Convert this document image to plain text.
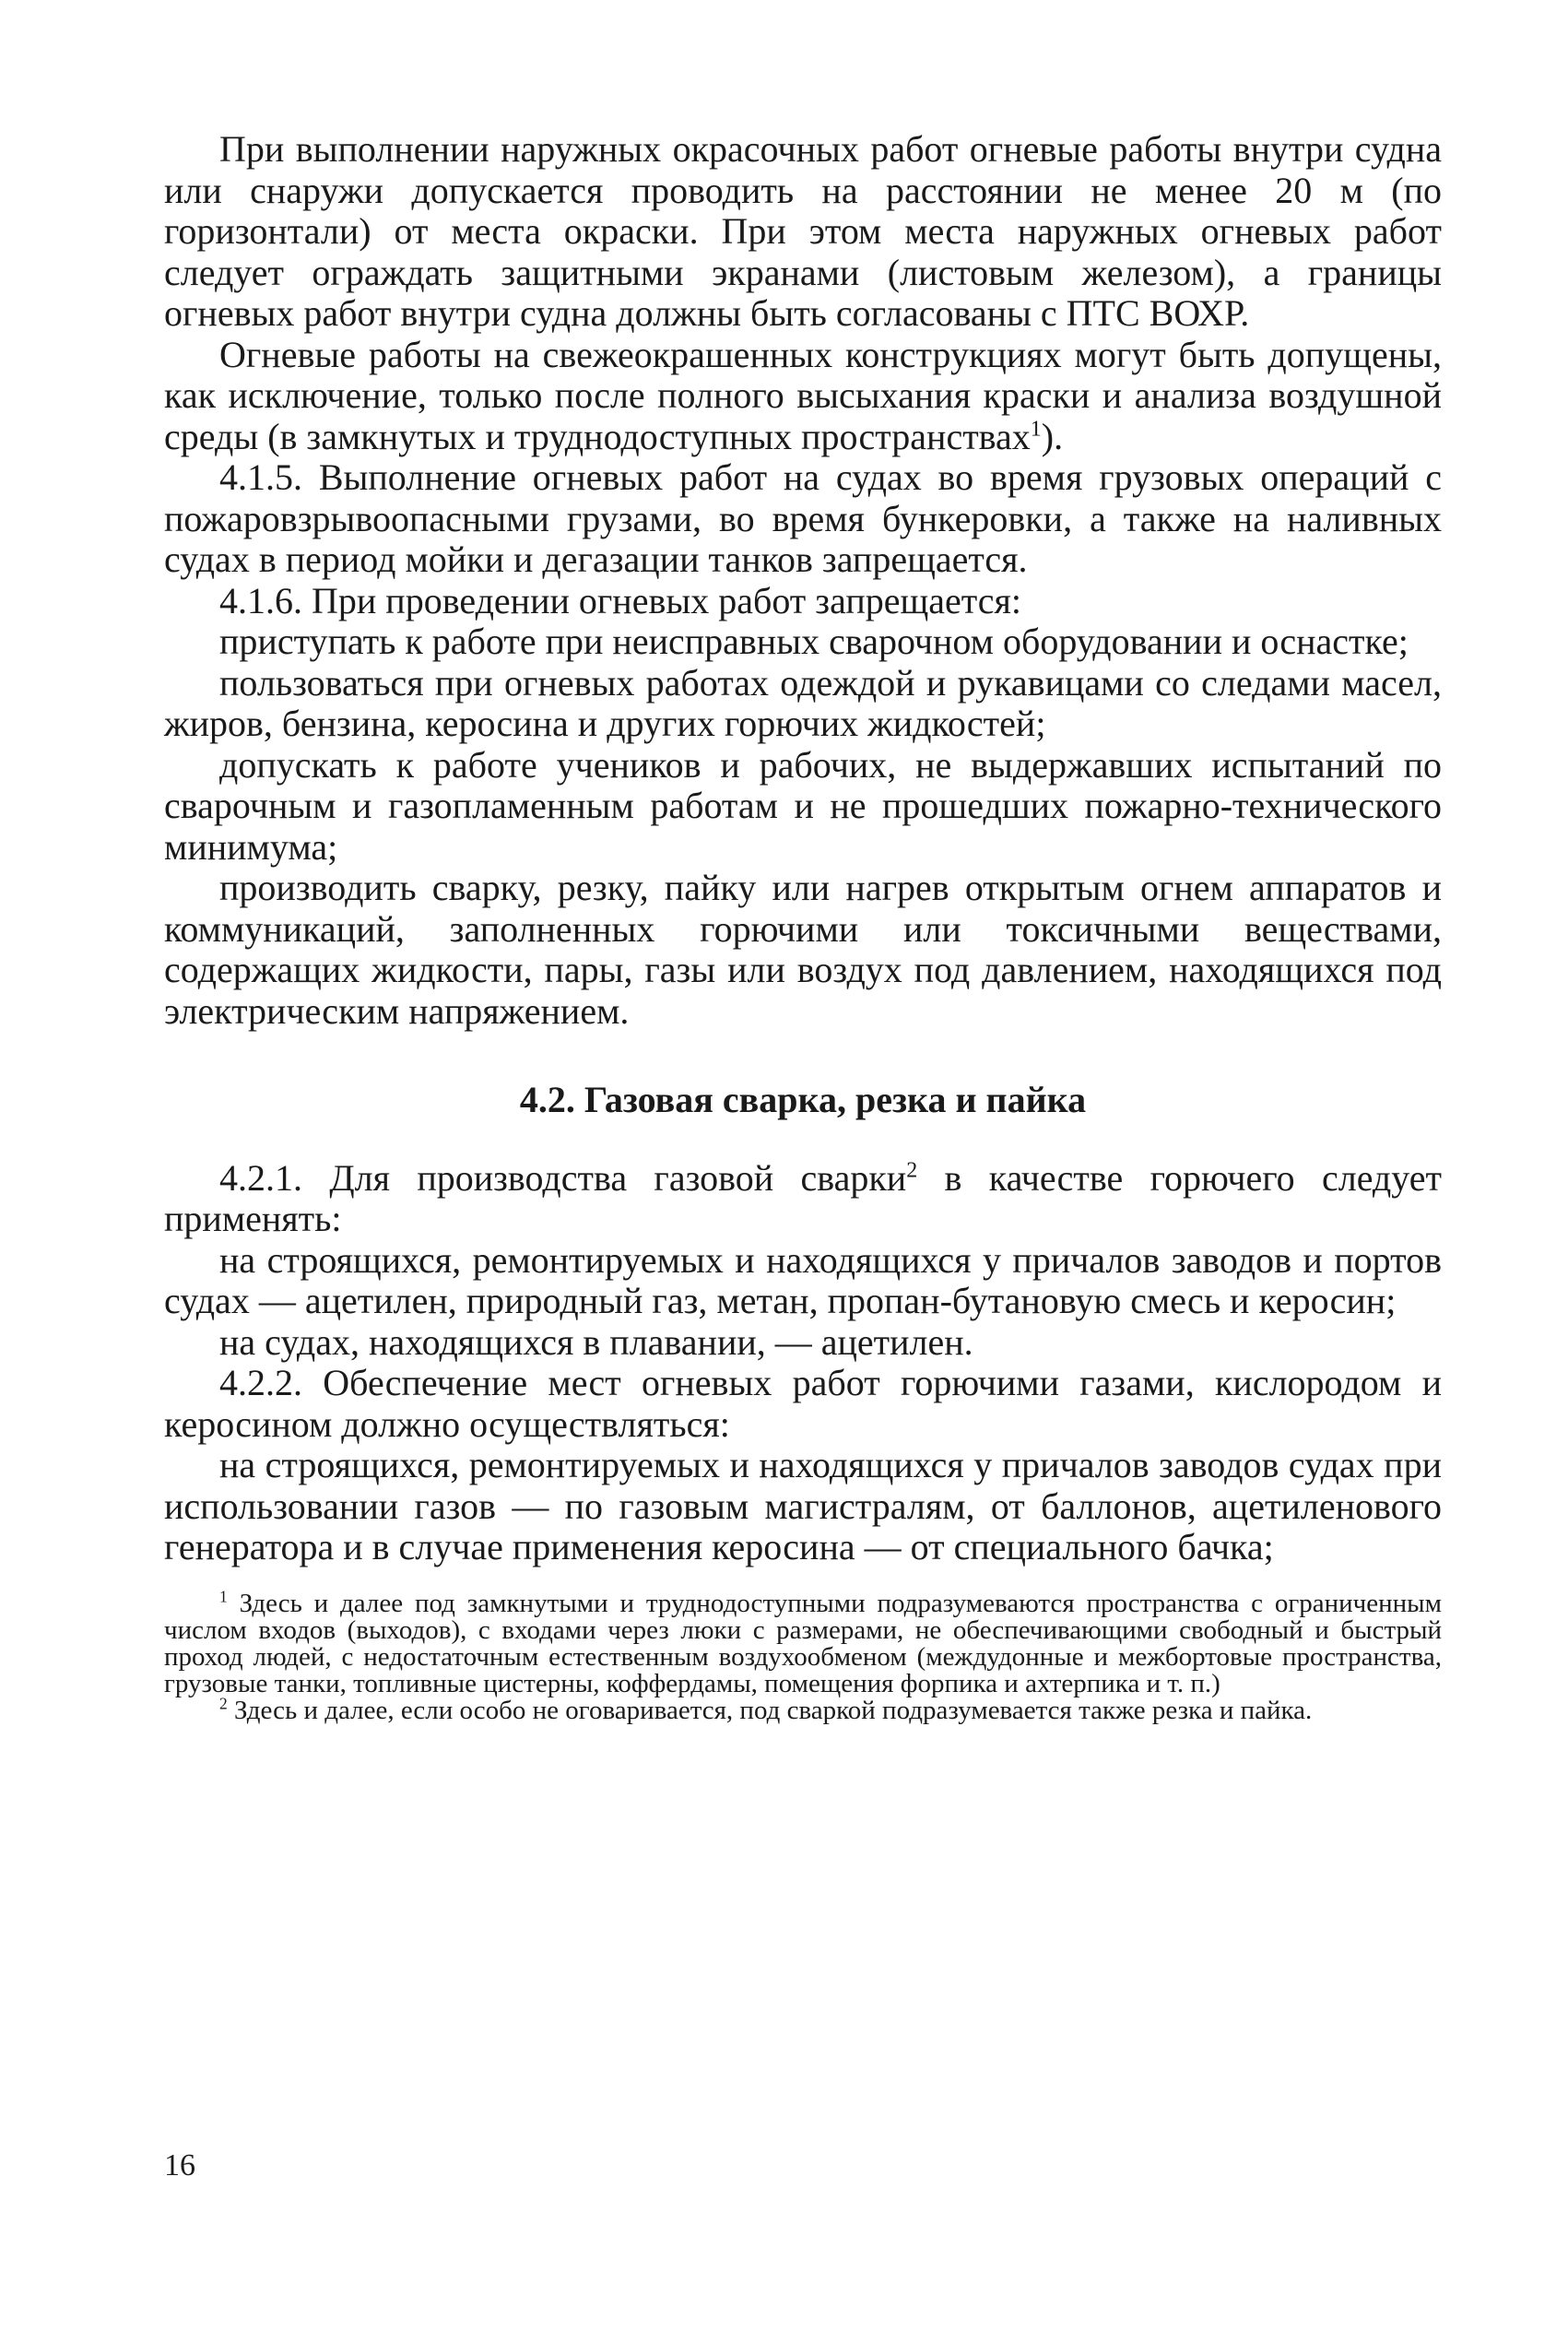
При выполнении наружных окрасочных работ огневые работы внутри судна или снаружи допускается проводить на расстоянии не менее 20 м (по горизонтали) от места окраски. При этом места наружных огневых работ следует ограждать защитными экранами (листовым железом), а границы огневых работ внутри судна должны быть согласованы с ПТС ВОХР.

Огневые работы на свежеокрашенных конструкциях могут быть допущены, как исключение, только после полного высыхания краски и анализа воздушной среды (в замкнутых и труднодоступных пространствах$^1$).

4.1.5. Выполнение огневых работ на судах во время грузовых операций с пожаровзрывоопасными грузами, во время бункеровки, а также на наливных судах в период мойки и дегазации танков запрещается.

4.1.6. При проведении огневых работ запрещается:

приступать к работе при неисправных сварочном оборудовании и оснастке;

пользоваться при огневых работах одеждой и рукавицами со следами масел, жиров, бензина, керосина и других горючих жидкостей;

допускать к работе учеников и рабочих, не выдержавших испытаний по сварочным и газопламенным работам и не прошедших пожарно-технического минимума;

производить сварку, резку, пайку или нагрев открытым огнем аппаратов и коммуникаций, заполненных горючими или токсичными веществами, содержащих жидкости, пары, газы или воздух под давлением, находящихся под электрическим напряжением.

4.2. Газовая сварка, резка и пайка

4.2.1. Для производства газовой сварки$^2$ в качестве горючего следует применять:

на строящихся, ремонтируемых и находящихся у причалов заводов и портов судах — ацетилен, природный газ, метан, пропан-бутановую смесь и керосин;

на судах, находящихся в плавании, — ацетилен.

4.2.2. Обеспечение мест огневых работ горючими газами, кислородом и керосином должно осуществляться:

на строящихся, ремонтируемых и находящихся у причалов заводов судах при использовании газов — по газовым магистралям, от баллонов, ацетиленового генератора и в случае применения керосина — от специального бачка;

$^1$ Здесь и далее под замкнутыми и труднодоступными подразумеваются пространства с ограниченным числом входов (выходов), с входами через люки с размерами, не обеспечивающими свободный и быстрый проход людей, с недостаточным естественным воздухообменом (междудонные и межбортовые пространства, грузовые танки, топливные цистерны, коффердамы, помещения форпика и ахтерпика и т. п.)

$^2$ Здесь и далее, если особо не оговаривается, под сваркой подразумевается также резка и пайка.

16
